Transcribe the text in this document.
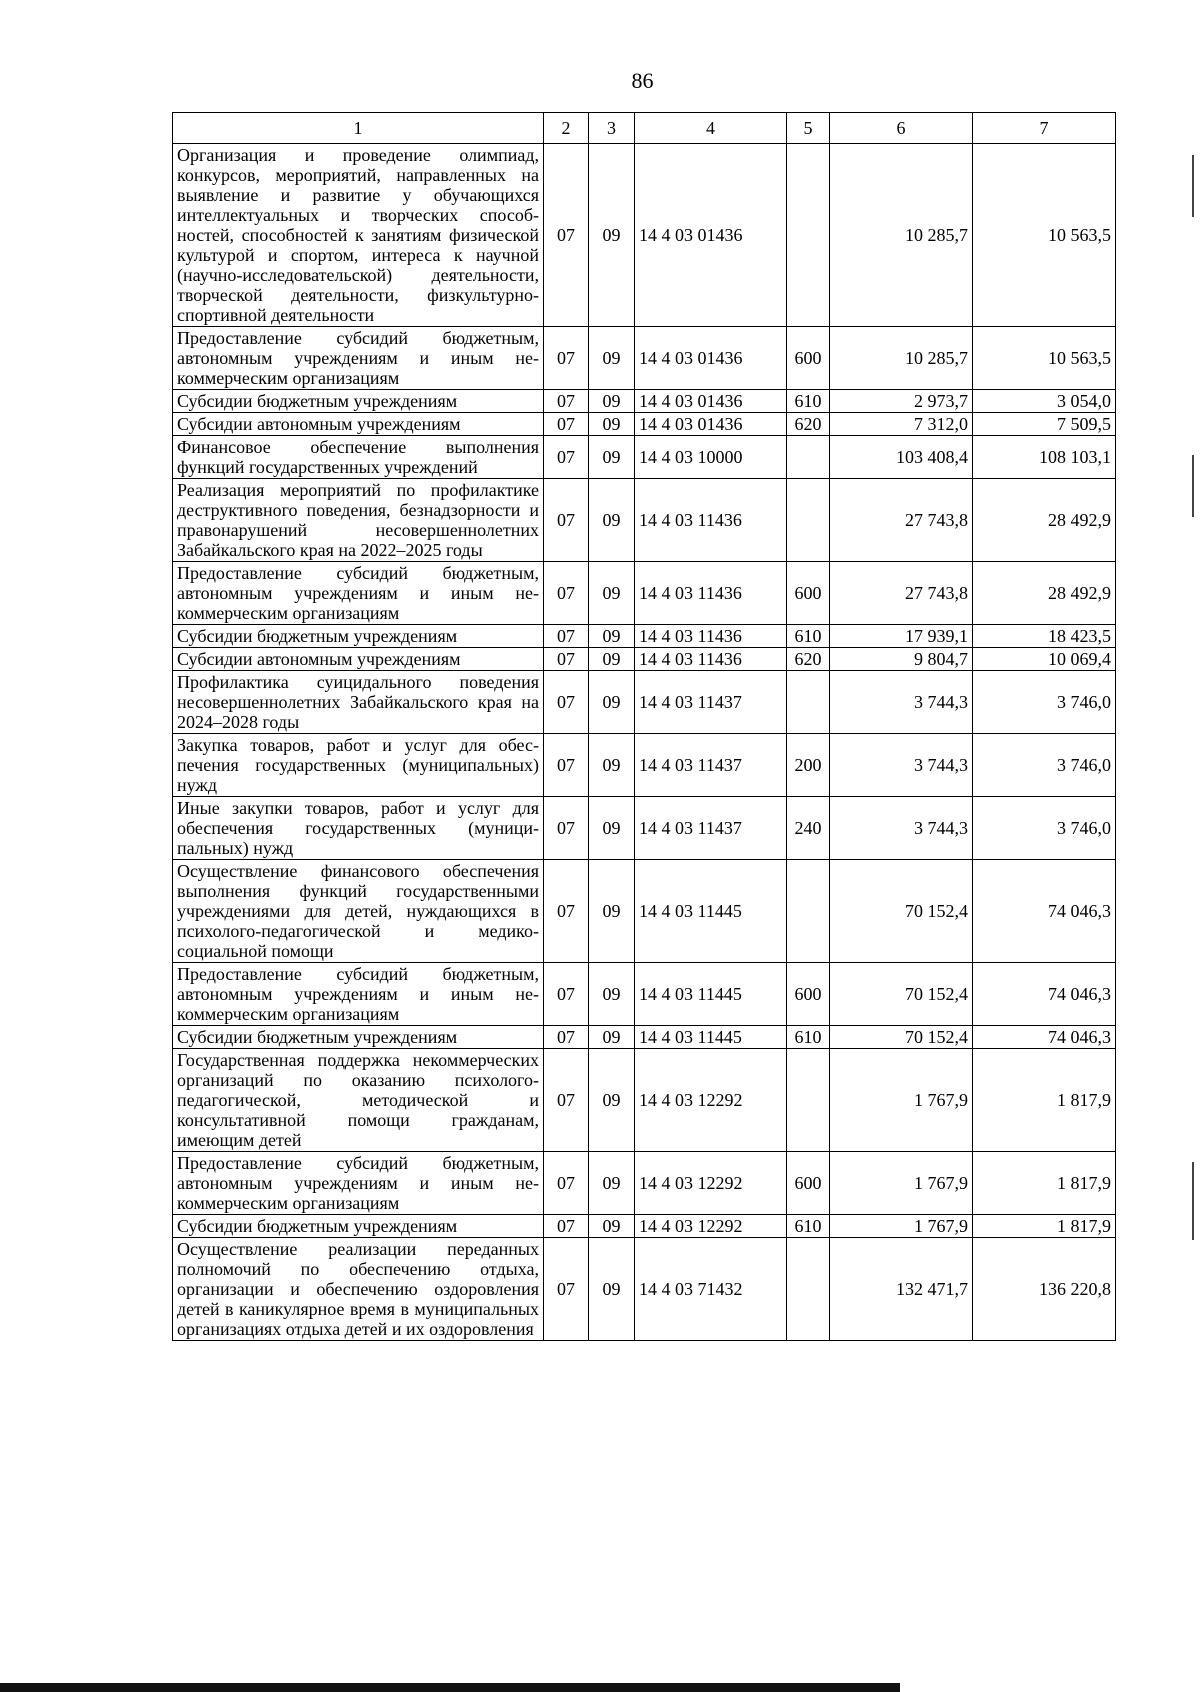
86
1	2	3	4	5	6	7
Организация и проведение олимпиад, конкурсов, мероприятий, направленных на выявление и развитие у обучающихся интеллектуальных и творческих способностей, способностей к занятиям физической культурой и спортом, интереса к научной (научно-исследовательской) деятельности, творческой деятельности, физкультурно-спортивной деятельности	07	09	14 4 03 01436		10 285,7	10 563,5
Предоставление субсидий бюджетным, автономным учреждениям и иным некоммерческим организациям	07	09	14 4 03 01436	600	10 285,7	10 563,5
Субсидии бюджетным учреждениям	07	09	14 4 03 01436	610	2 973,7	3 054,0
Субсидии автономным учреждениям	07	09	14 4 03 01436	620	7 312,0	7 509,5
Финансовое обеспечение выполнения функций государственных учреждений	07	09	14 4 03 10000		103 408,4	108 103,1
Реализация мероприятий по профилактике деструктивного поведения, безнадзорности и правонарушений несовершеннолетних Забайкальского края на 2022–2025 годы	07	09	14 4 03 11436		27 743,8	28 492,9
Предоставление субсидий бюджетным, автономным учреждениям и иным некоммерческим организациям	07	09	14 4 03 11436	600	27 743,8	28 492,9
Субсидии бюджетным учреждениям	07	09	14 4 03 11436	610	17 939,1	18 423,5
Субсидии автономным учреждениям	07	09	14 4 03 11436	620	9 804,7	10 069,4
Профилактика суицидального поведения несовершеннолетних Забайкальского края на 2024–2028 годы	07	09	14 4 03 11437		3 744,3	3 746,0
Закупка товаров, работ и услуг для обеспечения государственных (муниципальных) нужд	07	09	14 4 03 11437	200	3 744,3	3 746,0
Иные закупки товаров, работ и услуг для обеспечения государственных (муниципальных) нужд	07	09	14 4 03 11437	240	3 744,3	3 746,0
Осуществление финансового обеспечения выполнения функций государственными учреждениями для детей, нуждающихся в психолого-педагогической и медико-социальной помощи	07	09	14 4 03 11445		70 152,4	74 046,3
Предоставление субсидий бюджетным, автономным учреждениям и иным некоммерческим организациям	07	09	14 4 03 11445	600	70 152,4	74 046,3
Субсидии бюджетным учреждениям	07	09	14 4 03 11445	610	70 152,4	74 046,3
Государственная поддержка некоммерческих организаций по оказанию психолого-педагогической, методической и консультативной помощи гражданам, имеющим детей	07	09	14 4 03 12292		1 767,9	1 817,9
Предоставление субсидий бюджетным, автономным учреждениям и иным некоммерческим организациям	07	09	14 4 03 12292	600	1 767,9	1 817,9
Субсидии бюджетным учреждениям	07	09	14 4 03 12292	610	1 767,9	1 817,9
Осуществление реализации переданных полномочий по обеспечению отдыха, организации и обеспечению оздоровления детей в каникулярное время в муниципальных организациях отдыха детей и их оздоровления	07	09	14 4 03 71432		132 471,7	136 220,8
